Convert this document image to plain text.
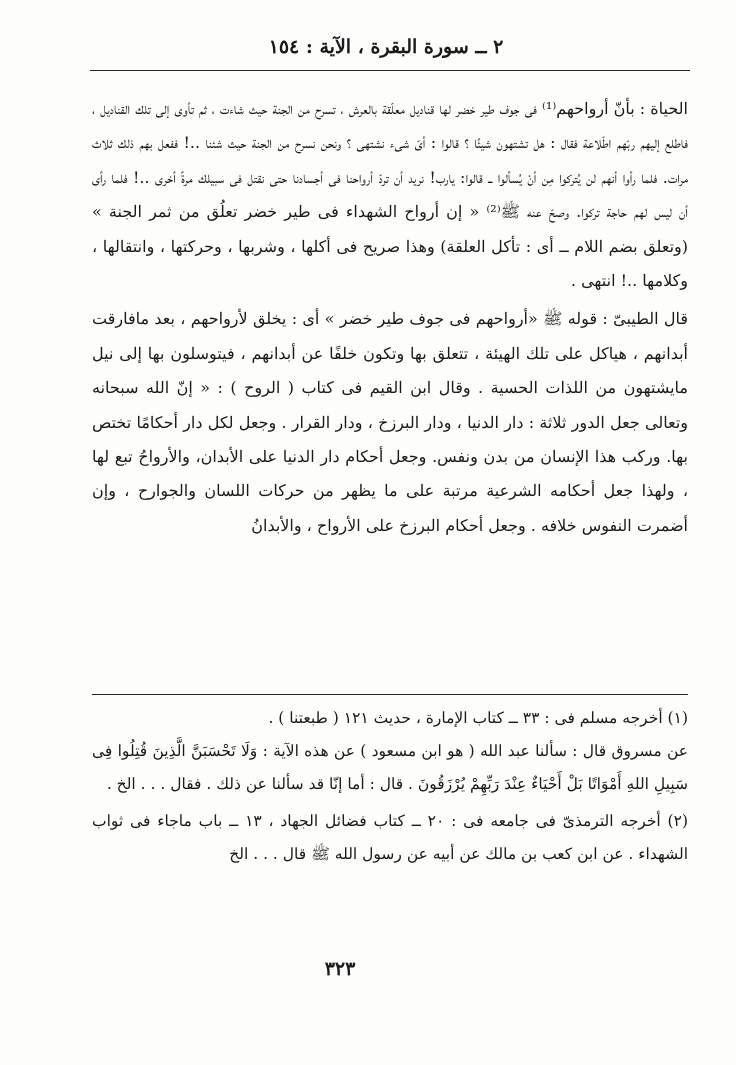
٢ ــ سورة البقرة ، الآية : ١٥٤

الحياة : بأنّ أرواحهم⁽¹⁾ فى جوف طير خضر لها قناديل معلّقة بالعرش ، تسرح من الجنة حيث شاءت ، ثم تأوى إلى تلك القناديل ، فاطلع إليهم ربّهم اطّلاعة فقال : هل تشتهون شيئًا ؟ قالوا : أىّ شىء نشتهى ؟ ونحن نسرح من الجنة حيث شئنا ..! ففعل بهم ذلك ثلاث مرات. فلما رأوا أنهم لن يُتركوا مِن أنْ يُسألوا ــ قالوا: يارب! نريد أن تردّ أرواحنا فى أجسادنا حتى نقتل فى سبيلك مرةً أخرى ..! فلما رأى أن ليس لهم حاجة تركوا. وصحّ عنه ﷺ⁽²⁾ « إن أرواح الشهداء فى طير خضر تعلُق من ثمر الجنة » (وتعلق بضم اللام ــ أى : تأكل العلقة) وهذا صريح فى أكلها ، وشربها ، وحركتها ، وانتقالها ، وكلامها ..! انتهى .

قال الطيبىّ : قوله ﷺ «أرواحهم فى جوف طير خضر » أى : يخلق لأرواحهم ، بعد مافارقت أبدانهم ، هياكل على تلك الهيئة ، تتعلق بها وتكون خلفًا عن أبدانهم ، فيتوسلون بها إلى نيل مايشتهون من اللذات الحسية . وقال ابن القيم فى كتاب ( الروح ) : « إنّ الله سبحانه وتعالى جعل الدور ثلاثة : دار الدنيا ، ودار البرزخ ، ودار القرار . وجعل لكل دار أحكامًا تختص بها. وركب هذا الإنسان من بدن ونفس. وجعل أحكام دار الدنيا على الأبدان، والأرواحُ تبع لها ، ولهذا جعل أحكامه الشرعية مرتبة على ما يظهر من حركات اللسان والجوارح ، وإن أضمرت النفوس خلافه . وجعل أحكام البرزخ على الأرواح ، والأبدانُ

(١) أخرجه مسلم فى : ٣٣ ــ كتاب الإمارة ، حديث ١٢١ ( طبعتنا ) .

عن مسروق قال : سألنا عبد الله ( هو ابن مسعود ) عن هذه الآية : وَلَا تَحْسَبَنَّ الَّذِينَ قُتِلُوا فِى سَبِيلِ اللهِ أَمْوَاتًا بَلْ أَحْيَاءٌ عِنْدَ رَبِّهِمْ يُرْزَقُونَ . قال : أما إنّا قد سألنا عن ذلك . فقال . . . الخ .

(٢) أخرجه الترمذىّ فى جامعه فى : ٢٠ ــ كتاب فضائل الجهاد ، ١٣ ــ باب ماجاء فى ثواب الشهداء . عن ابن كعب بن مالك عن أبيه عن رسول الله ﷺ قال . . . الخ

٣٢٣
